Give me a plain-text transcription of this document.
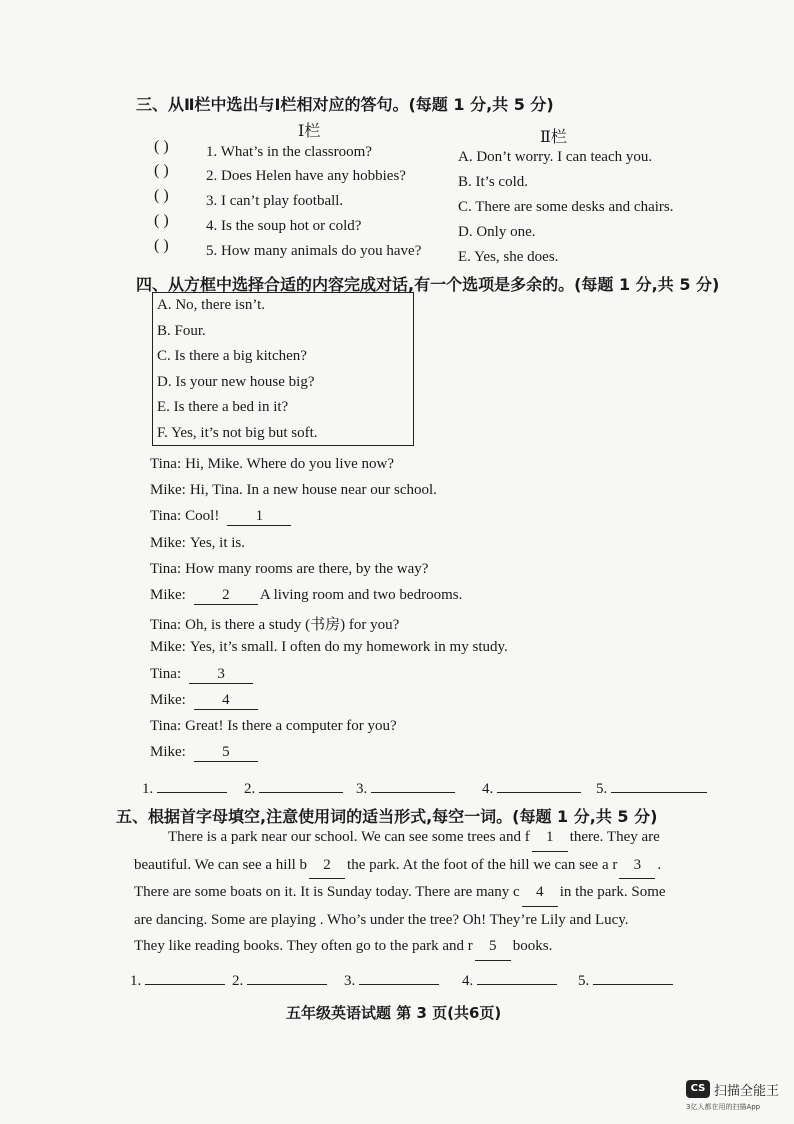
三、从Ⅱ栏中选出与Ⅰ栏相对应的答句。(每题 1 分,共 5 分)
Ⅰ栏	Ⅱ栏
( ) 1. What’s in the classroom?
( ) 2. Does Helen have any hobbies?
( ) 3. I can’t play football.
( ) 4. Is the soup hot or cold?
( ) 5. How many animals do you have?
A. Don’t worry. I can teach you.
B. It’s cold.
C. There are some desks and chairs.
D. Only one.
E. Yes, she does.
四、从方框中选择合适的内容完成对话,有一个选项是多余的。(每题 1 分,共 5 分)
A. No, there isn’t.
B. Four.
C. Is there a big kitchen?
D. Is your new house big?
E. Is there a bed in it?
F. Yes, it’s not big but soft.
Tina: Hi, Mike. Where do you live now?
Mike: Hi, Tina. In a new house near our school.
Tina: Cool! 1
Mike: Yes, it is.
Tina: How many rooms are there, by the way?
Mike: 2 A living room and two bedrooms.
Tina: Oh, is there a study (书房) for you?
Mike: Yes, it’s small. I often do my homework in my study.
Tina: 3
Mike: 4
Tina: Great! Is there a computer for you?
Mike: 5
1.	2.	3.	4.	5.
五、根据首字母填空,注意使用词的适当形式,每空一词。(每题 1 分,共 5 分)

There is a park near our school. We can see some trees and f 1 there. They are

beautiful. We can see a hill b 2 the park. At the foot of the hill we can see a r 3 .

There are some boats on it. It is Sunday today. There are many c 4 in the park. Some

are dancing. Some are playing . Who’s under the tree? Oh! They’re Lily and Lucy.

They like reading books. They often go to the park and r 5 books.

1.	2.	3.	4.	5.
五年级英语试题 第 3 页(共6页)
CS 扫描全能王
3亿人都在用的扫描App
